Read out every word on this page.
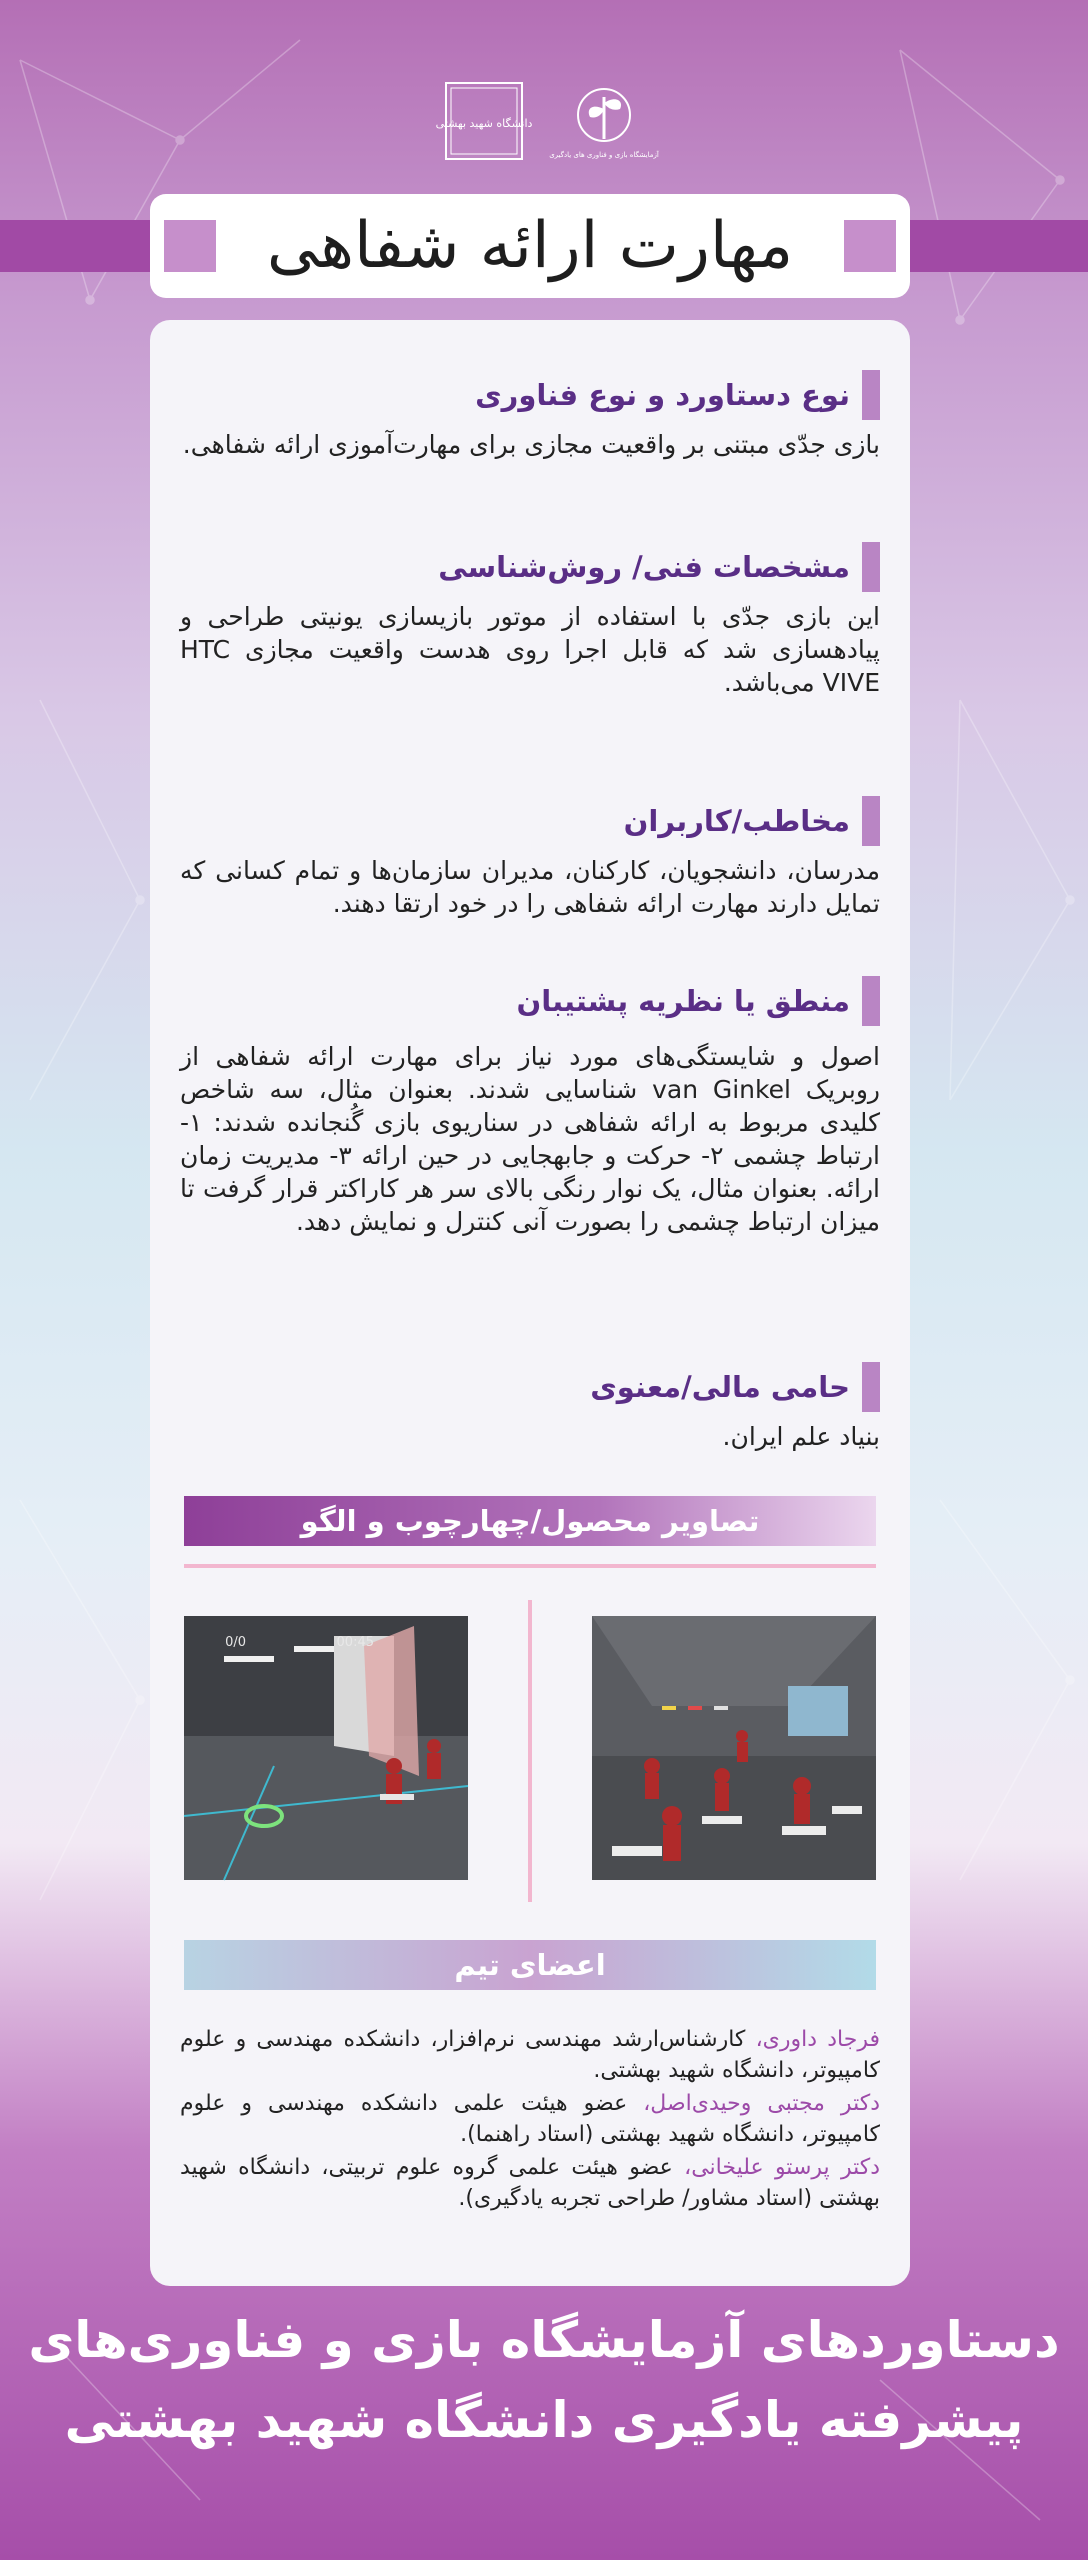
آزمایشگاه بازی و فناوری های یادگیری
دانشگاه شهید بهشتی
مهارت ارائه شفاهی
نوع دستاورد و نوع فناوری

بازی جدّی مبتنی بر واقعیت مجازی برای مهارت‌آموزی ارائه شفاهی.

مشخصات فنی/ روش‌شناسی

این بازی جدّی با استفاده از موتور بازیسازی یونیتی طراحی و پیادهسازی شد که قابل اجرا روی هدست واقعیت مجازی HTC VIVE می‌باشد.

مخاطب/کاربران

مدرسان، دانشجویان، کارکنان، مدیران سازمان‌ها و تمام کسانی که تمایل دارند مهارت ارائه شفاهی را در خود ارتقا دهند.

منطق یا نظریه پشتیبان

اصول و شایستگی‌های مورد نیاز برای مهارت ارائه شفاهی از روبریک van Ginkel شناسایی شدند. بعنوان مثال، سه شاخص کلیدی مربوط به ارائه شفاهی در سناریوی بازی گُنجانده شدند: ۱- ارتباط چشمی ۲- حرکت و جابهجایی در حین ارائه ۳- مدیریت زمان ارائه. بعنوان مثال، یک نوار رنگی بالای سر هر کاراکتر قرار گرفت تا میزان ارتباط چشمی را بصورت آنی کنترل و نمایش دهد.

حامی مالی/معنوی

بنیاد علم ایران.

تصاویر محصول/چهارچوب و الگو
0/0	00:45
اعضای تیم

فرجاد داوری، کارشناس‌ارشد مهندسی نرم‌افزار، دانشکده مهندسی و علوم کامپیوتر، دانشگاه شهید بهشتی.

دکتر مجتبی وحیدی‌اصل، عضو هیئت علمی دانشکده مهندسی و علوم کامپیوتر، دانشگاه شهید بهشتی (استاد راهنما).

دکتر پرستو علیخانی، عضو هیئت علمی گروه علوم تربیتی، دانشگاه شهید بهشتی (استاد مشاور/ طراحی تجربه یادگیری).

دستاوردهای آزمایشگاه بازی و فناوری‌های
پیشرفته یادگیری دانشگاه شهید بهشتی
